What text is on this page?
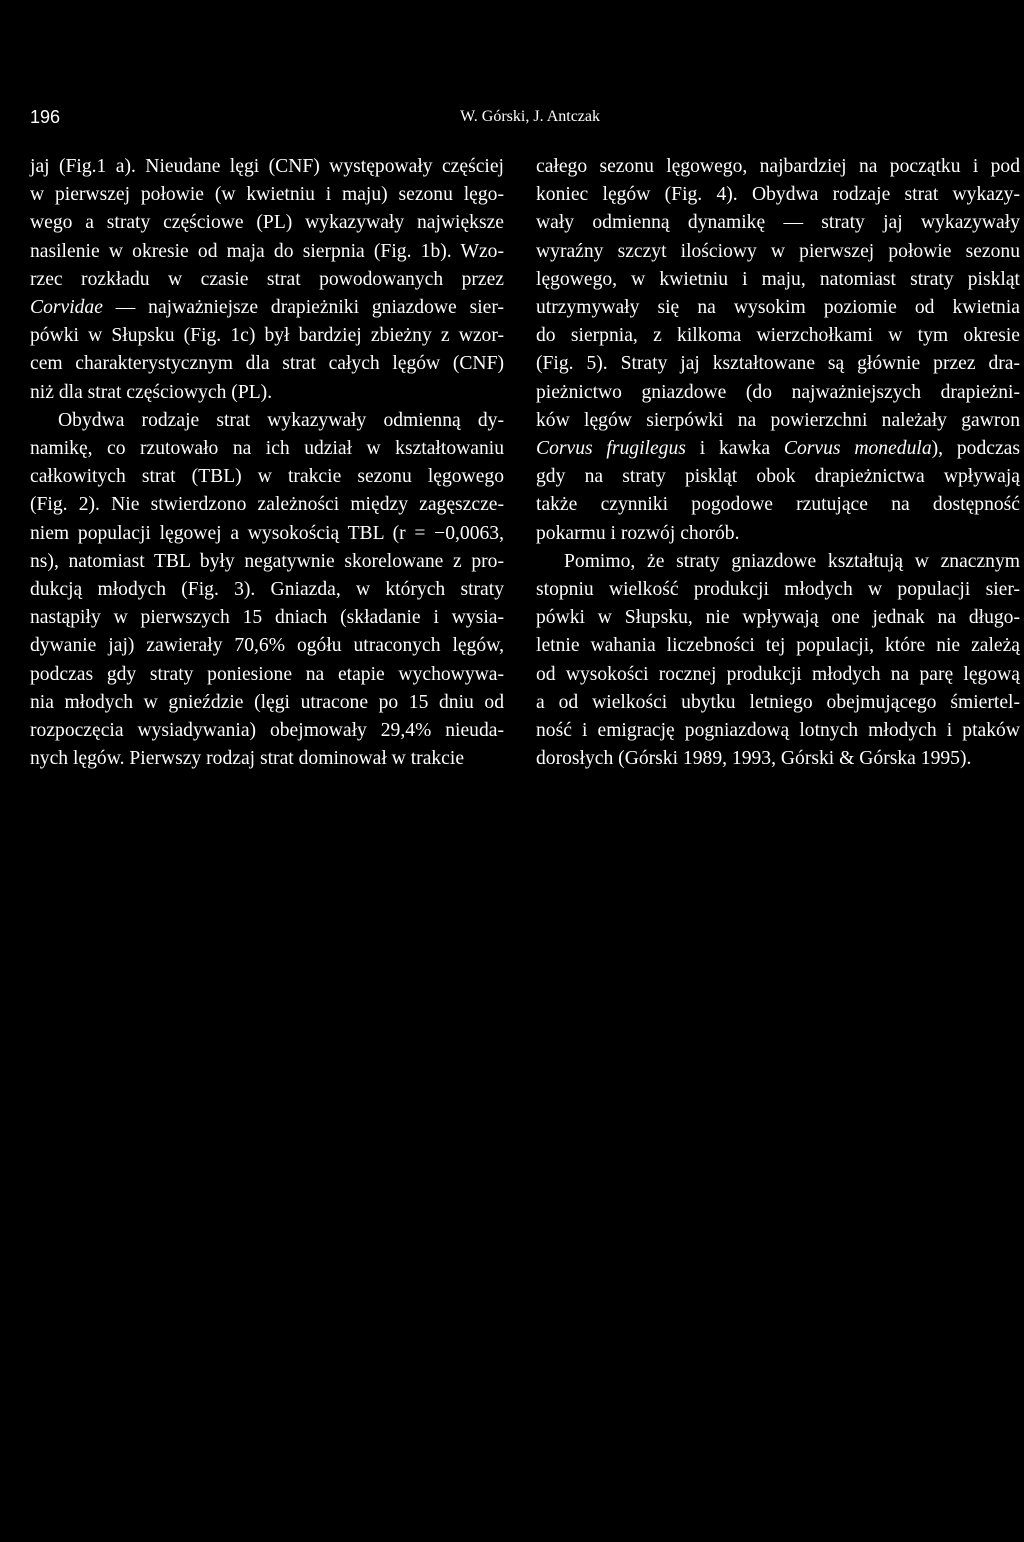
196	W. Górski, J. Antczak
jaj (Fig.1 a). Nieudane lęgi (CNF) występowały częściej
w pierwszej połowie (w kwietniu i maju) sezonu lęgo-
wego a straty częściowe (PL) wykazywały największe
nasilenie w okresie od maja do sierpnia (Fig. 1b). Wzo-
rzec rozkładu w czasie strat powodowanych przez
Corvidae — najważniejsze drapieżniki gniazdowe sier-
pówki w Słupsku (Fig. 1c) był bardziej zbieżny z wzor-
cem charakterystycznym dla strat całych lęgów (CNF)
niż dla strat częściowych (PL).
Obydwa rodzaje strat wykazywały odmienną dy-
namikę, co rzutowało na ich udział w kształtowaniu
całkowitych strat (TBL) w trakcie sezonu lęgowego
(Fig. 2). Nie stwierdzono zależności między zagęszcze-
niem populacji lęgowej a wysokością TBL (r = −0,0063,
ns), natomiast TBL były negatywnie skorelowane z pro-
dukcją młodych (Fig. 3). Gniazda, w których straty
nastąpiły w pierwszych 15 dniach (składanie i wysia-
dywanie jaj) zawierały 70,6% ogółu utraconych lęgów,
podczas gdy straty poniesione na etapie wychowywa-
nia młodych w gnieździe (lęgi utracone po 15 dniu od
rozpoczęcia wysiadywania) obejmowały 29,4% nieuda-
nych lęgów. Pierwszy rodzaj strat dominował w trakcie
całego sezonu lęgowego, najbardziej na początku i pod
koniec lęgów (Fig. 4). Obydwa rodzaje strat wykazy-
wały odmienną dynamikę — straty jaj wykazywały
wyraźny szczyt ilościowy w pierwszej połowie sezonu
lęgowego, w kwietniu i maju, natomiast straty piskląt
utrzymywały się na wysokim poziomie od kwietnia
do sierpnia, z kilkoma wierzchołkami w tym okresie
(Fig. 5). Straty jaj kształtowane są głównie przez dra-
pieżnictwo gniazdowe (do najważniejszych drapieżni-
ków lęgów sierpówki na powierzchni należały gawron
Corvus frugilegus i kawka Corvus monedula), podczas
gdy na straty piskląt obok drapieżnictwa wpływają
także czynniki pogodowe rzutujące na dostępność
pokarmu i rozwój chorób.
Pomimo, że straty gniazdowe kształtują w znacznym
stopniu wielkość produkcji młodych w populacji sier-
pówki w Słupsku, nie wpływają one jednak na długo-
letnie wahania liczebności tej populacji, które nie zależą
od wysokości rocznej produkcji młodych na parę lęgową
a od wielkości ubytku letniego obejmującego śmiertel-
ność i emigrację pogniazdową lotnych młodych i ptaków
dorosłych (Górski 1989, 1993, Górski & Górska 1995).
